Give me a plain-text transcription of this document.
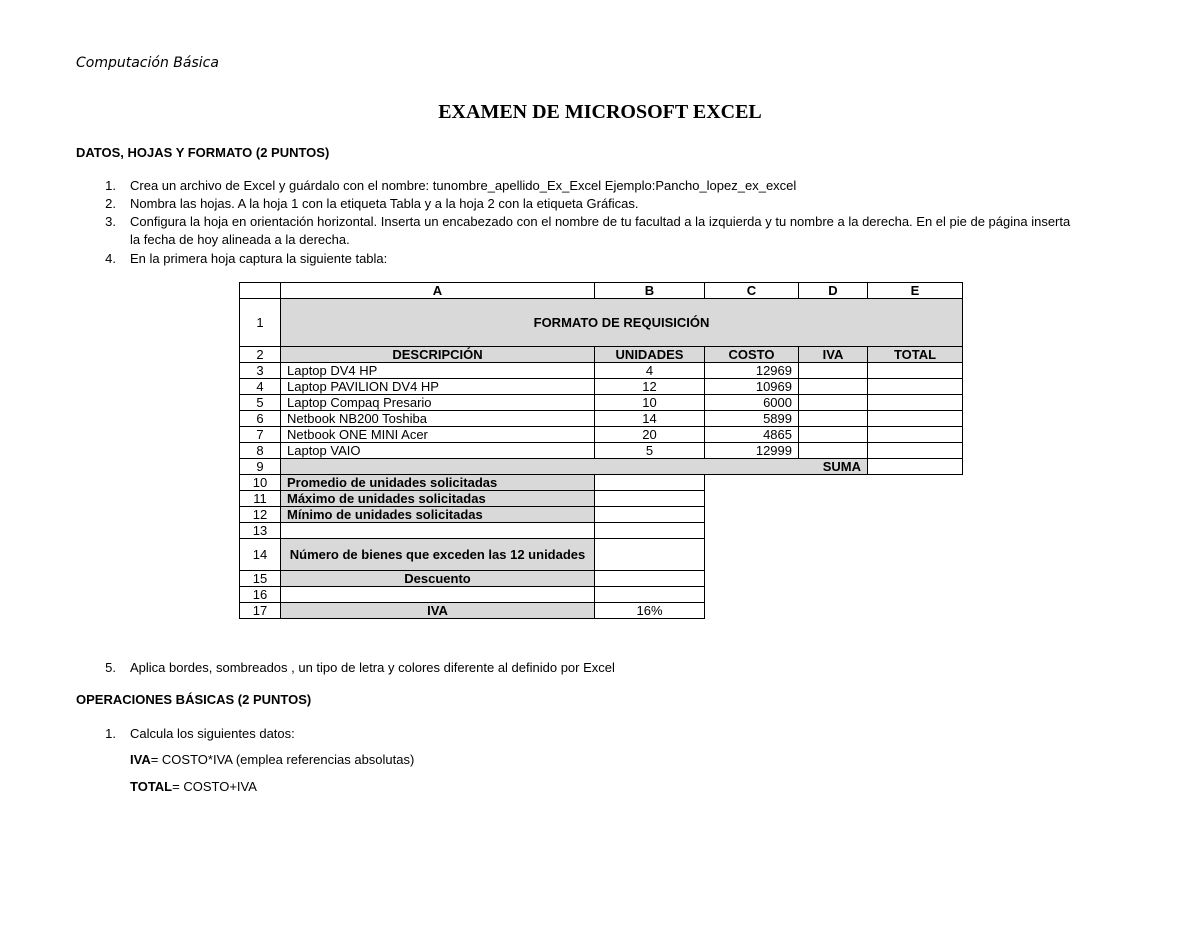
Computación Básica
EXAMEN DE MICROSOFT EXCEL
DATOS, HOJAS Y FORMATO (2 PUNTOS)
1. Crea un archivo de Excel y guárdalo con el nombre: tunombre_apellido_Ex_Excel Ejemplo:Pancho_lopez_ex_excel
2. Nombra las hojas. A la hoja 1 con la etiqueta Tabla y a la hoja 2 con la etiqueta Gráficas.
3. Configura la hoja en orientación horizontal. Inserta un encabezado con el nombre de tu facultad a la izquierda y tu nombre a la derecha. En el pie de página inserta
la fecha de hoy alineada a la derecha.
4. En la primera hoja captura la siguiente tabla:
	A	B	C	D	E
1	FORMATO DE REQUISICIÓN				
2	DESCRIPCIÓN	UNIDADES	COSTO	IVA	TOTAL
3	Laptop DV4 HP	4	12969		
4	Laptop PAVILION DV4 HP	12	10969		
5	Laptop Compaq Presario	10	6000		
6	Netbook NB200 Toshiba	14	5899		
7	Netbook ONE MINI Acer	20	4865		
8	Laptop VAIO	5	12999		
9	SUMA				
10	Promedio de unidades solicitadas				
11	Máximo de unidades solicitadas				
12	Mínimo de unidades solicitadas				
13					
14	Número de bienes que exceden las 12 unidades				
15	Descuento				
16					
17	IVA	16%			
5. Aplica bordes, sombreados , un tipo de letra y colores diferente al definido por Excel
OPERACIONES BÁSICAS (2 PUNTOS)
1. Calcula los siguientes datos:
IVA= COSTO*IVA (emplea referencias absolutas)
TOTAL= COSTO+IVA
